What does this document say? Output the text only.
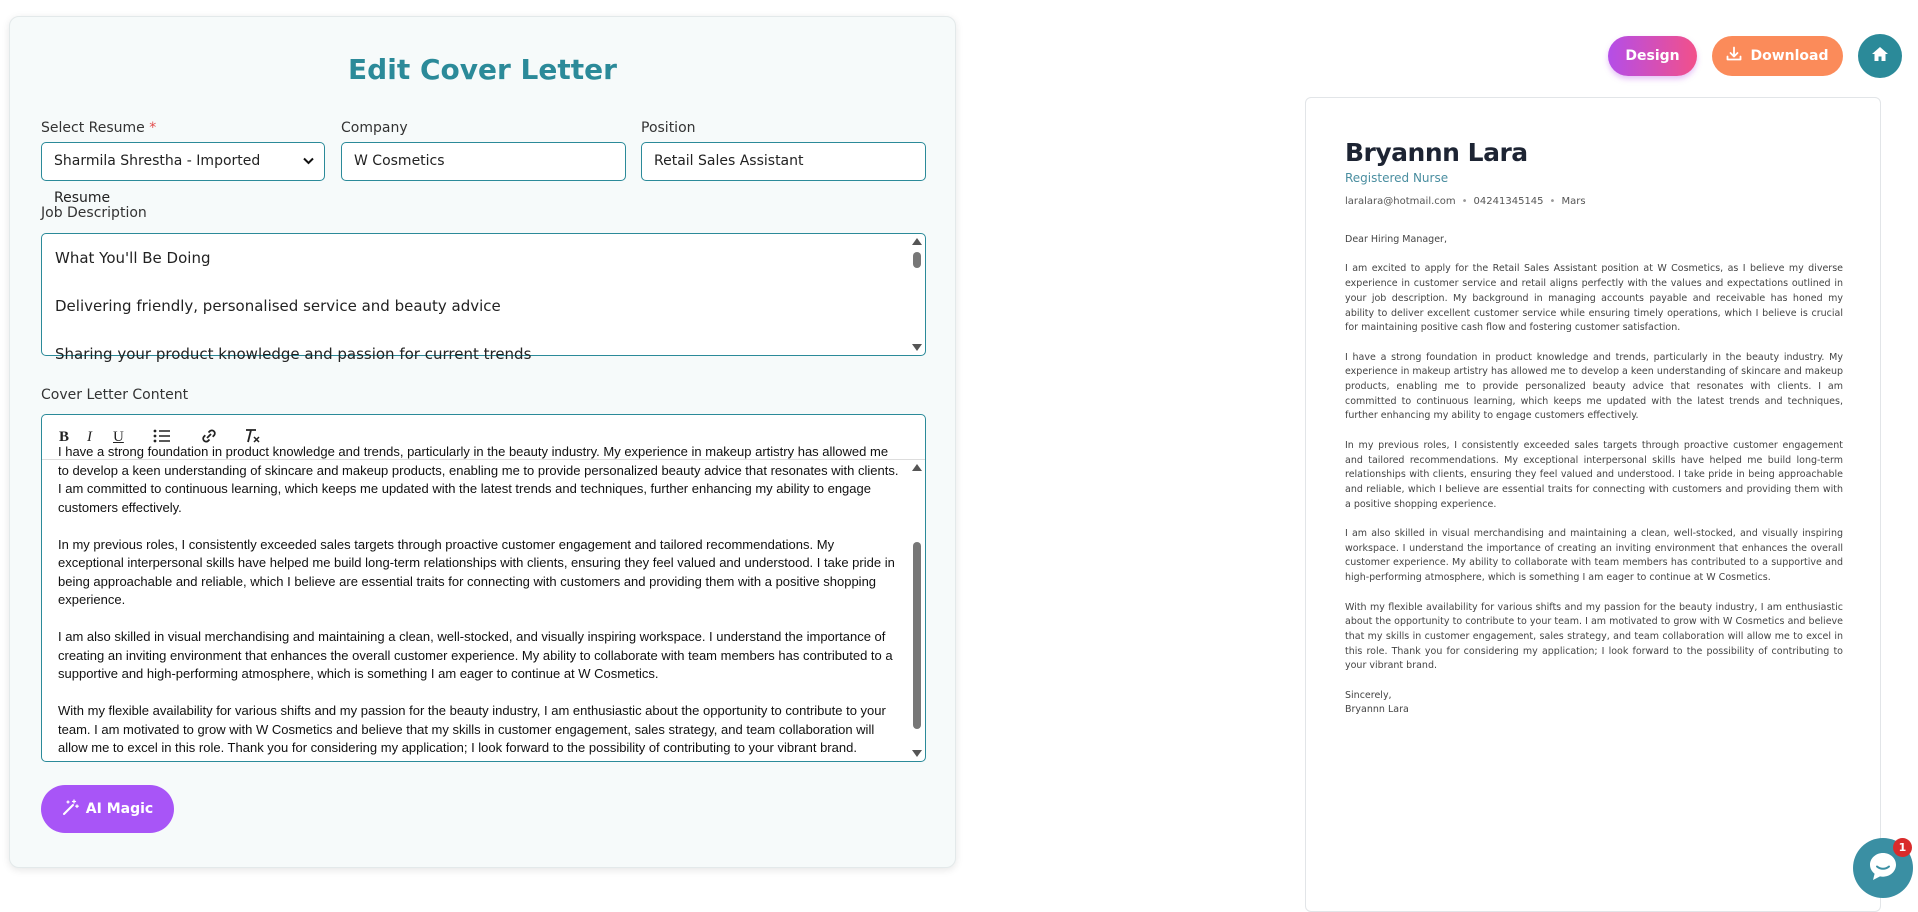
Edit Cover Letter
Select Resume *
Sharmila Shrestha - Imported Resume
Company
W Cosmetics
Position
Retail Sales Assistant
Job Description
What You'll Be Doing
Delivering friendly, personalised service and beauty advice
Sharing your product knowledge and passion for current trends
Cover Letter Content
B I U

I have a strong foundation in product knowledge and trends, particularly in the beauty industry. My experience in makeup artistry has allowed me to develop a keen understanding of skincare and makeup products, enabling me to provide personalized beauty advice that resonates with clients. I am committed to continuous learning, which keeps me updated with the latest trends and techniques, further enhancing my ability to engage customers effectively.

In my previous roles, I consistently exceeded sales targets through proactive customer engagement and tailored recommendations. My exceptional interpersonal skills have helped me build long-term relationships with clients, ensuring they feel valued and understood. I take pride in being approachable and reliable, which I believe are essential traits for connecting with customers and providing them with a positive shopping experience.

I am also skilled in visual merchandising and maintaining a clean, well-stocked, and visually inspiring workspace. I understand the importance of creating an inviting environment that enhances the overall customer experience. My ability to collaborate with team members has contributed to a supportive and high-performing atmosphere, which is something I am eager to continue at W Cosmetics.

With my flexible availability for various shifts and my passion for the beauty industry, I am enthusiastic about the opportunity to contribute to your team. I am motivated to grow with W Cosmetics and believe that my skills in customer engagement, sales strategy, and team collaboration will allow me to excel in this role. Thank you for considering my application; I look forward to the possibility of contributing to your vibrant brand.

AI Magic
Design	Download
Bryannn Lara
Registered Nurse
laralara@hotmail.com • 04241345145 • Mars

Dear Hiring Manager,

I am excited to apply for the Retail Sales Assistant position at W Cosmetics, as I believe my diverse experience in customer service and retail aligns perfectly with the values and expectations outlined in your job description. My background in managing accounts payable and receivable has honed my ability to deliver excellent customer service while ensuring timely operations, which I believe is crucial for maintaining positive cash flow and fostering customer satisfaction.

I have a strong foundation in product knowledge and trends, particularly in the beauty industry. My experience in makeup artistry has allowed me to develop a keen understanding of skincare and makeup products, enabling me to provide personalized beauty advice that resonates with clients. I am committed to continuous learning, which keeps me updated with the latest trends and techniques, further enhancing my ability to engage customers effectively.

In my previous roles, I consistently exceeded sales targets through proactive customer engagement and tailored recommendations. My exceptional interpersonal skills have helped me build long-term relationships with clients, ensuring they feel valued and understood. I take pride in being approachable and reliable, which I believe are essential traits for connecting with customers and providing them with a positive shopping experience.

I am also skilled in visual merchandising and maintaining a clean, well-stocked, and visually inspiring workspace. I understand the importance of creating an inviting environment that enhances the overall customer experience. My ability to collaborate with team members has contributed to a supportive and high-performing atmosphere, which is something I am eager to continue at W Cosmetics.

With my flexible availability for various shifts and my passion for the beauty industry, I am enthusiastic about the opportunity to contribute to your team. I am motivated to grow with W Cosmetics and believe that my skills in customer engagement, sales strategy, and team collaboration will allow me to excel in this role. Thank you for considering my application; I look forward to the possibility of contributing to your vibrant brand.

Sincerely,

Bryannn Lara

1
